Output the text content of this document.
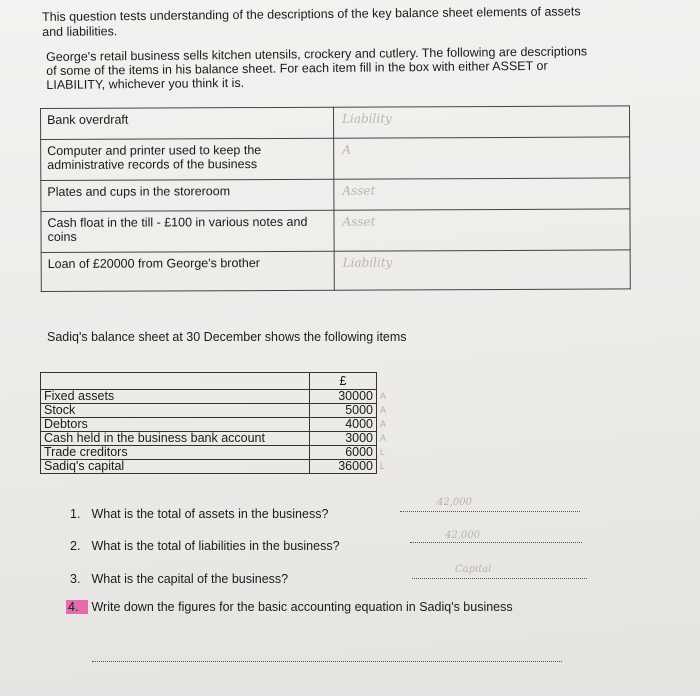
This question tests understanding of the descriptions of the key balance sheet elements of assets
and liabilities.
George's retail business sells kitchen utensils, crockery and cutlery. The following are descriptions
of some of the items in his balance sheet. For each item fill in the box with either ASSET or
LIABILITY, whichever you think it is.
Bank overdraft	Liability

Computer and printer used to keep the
administrative records of the business	A
Plates and cups in the storeroom	Asset

Cash float in the till - £100 in various notes and
coins	Asset
Loan of £20000 from George's brother	Liability
Sadiq's balance sheet at 30 December shows the following items
	£	
Fixed assets	30000	A
Stock	5000	A
Debtors	4000	A
Cash held in the business bank account	3000	A
Trade creditors	6000	L
Sadiq's capital	36000	L
1. What is the total of assets in the business?
42,000
2. What is the total of liabilities in the business?
42,000
3. What is the capital of the business?
Capital
4. Write down the figures for the basic accounting equation in Sadiq's business
